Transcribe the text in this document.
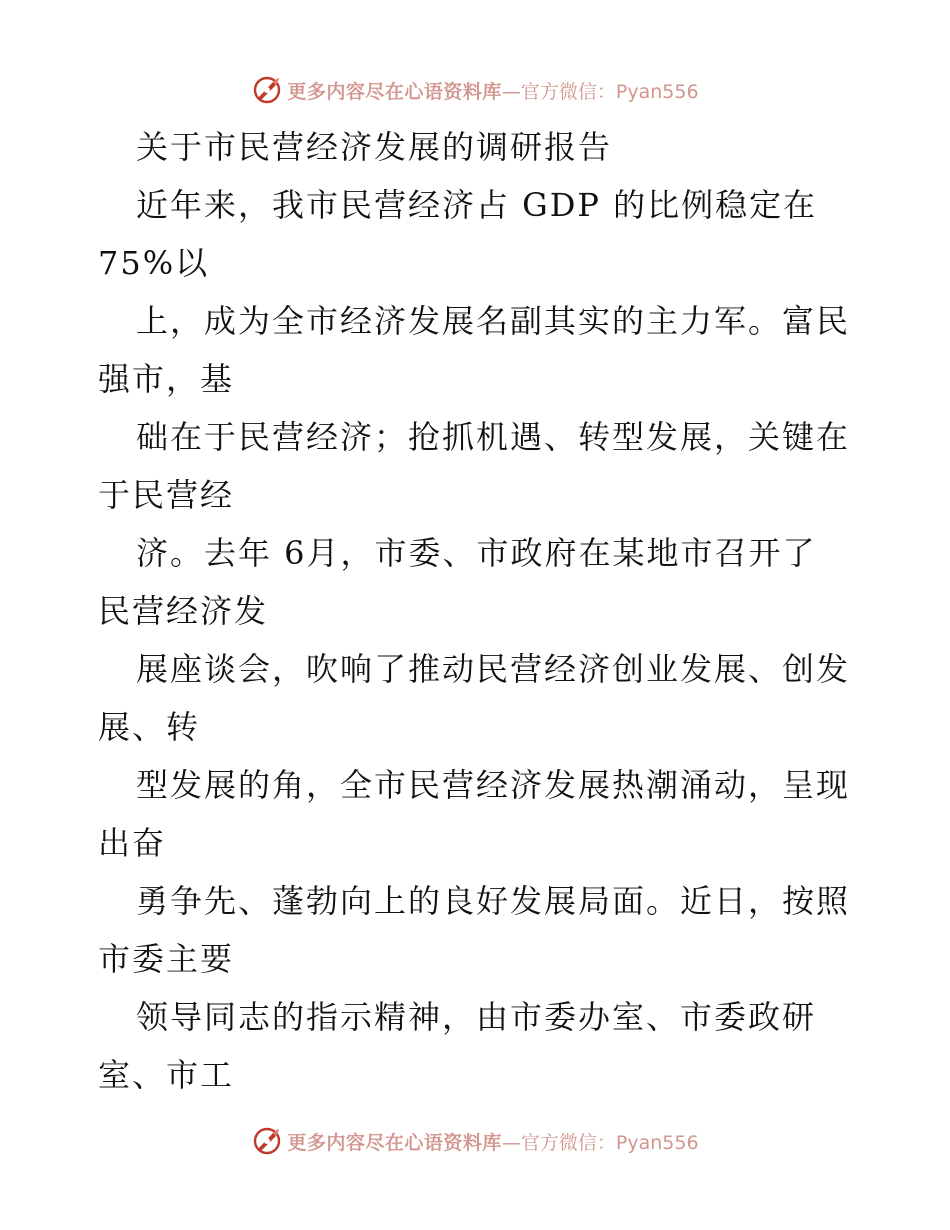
更多内容尽在心语资料库 —官方微信：Pyan556
关于市民营经济发展的调研报告
近年来，我市民营经济占 GDP 的比例稳定在
75%以
上，成为全市经济发展名副其实的主力军。富民
强市，基
础在于民营经济；抢抓机遇、转型发展，关键在
于民营经
济。去年 6月，市委、市政府在某地市召开了
民营经济发
展座谈会，吹响了推动民营经济创业发展、创发
展、转
型发展的角，全市民营经济发展热潮涌动，呈现
出奋
勇争先、蓬勃向上的良好发展局面。近日，按照
市委主要
领导同志的指示精神，由市委办室、市委政研
室、市工
更多内容尽在心语资料库 —官方微信：Pyan556
